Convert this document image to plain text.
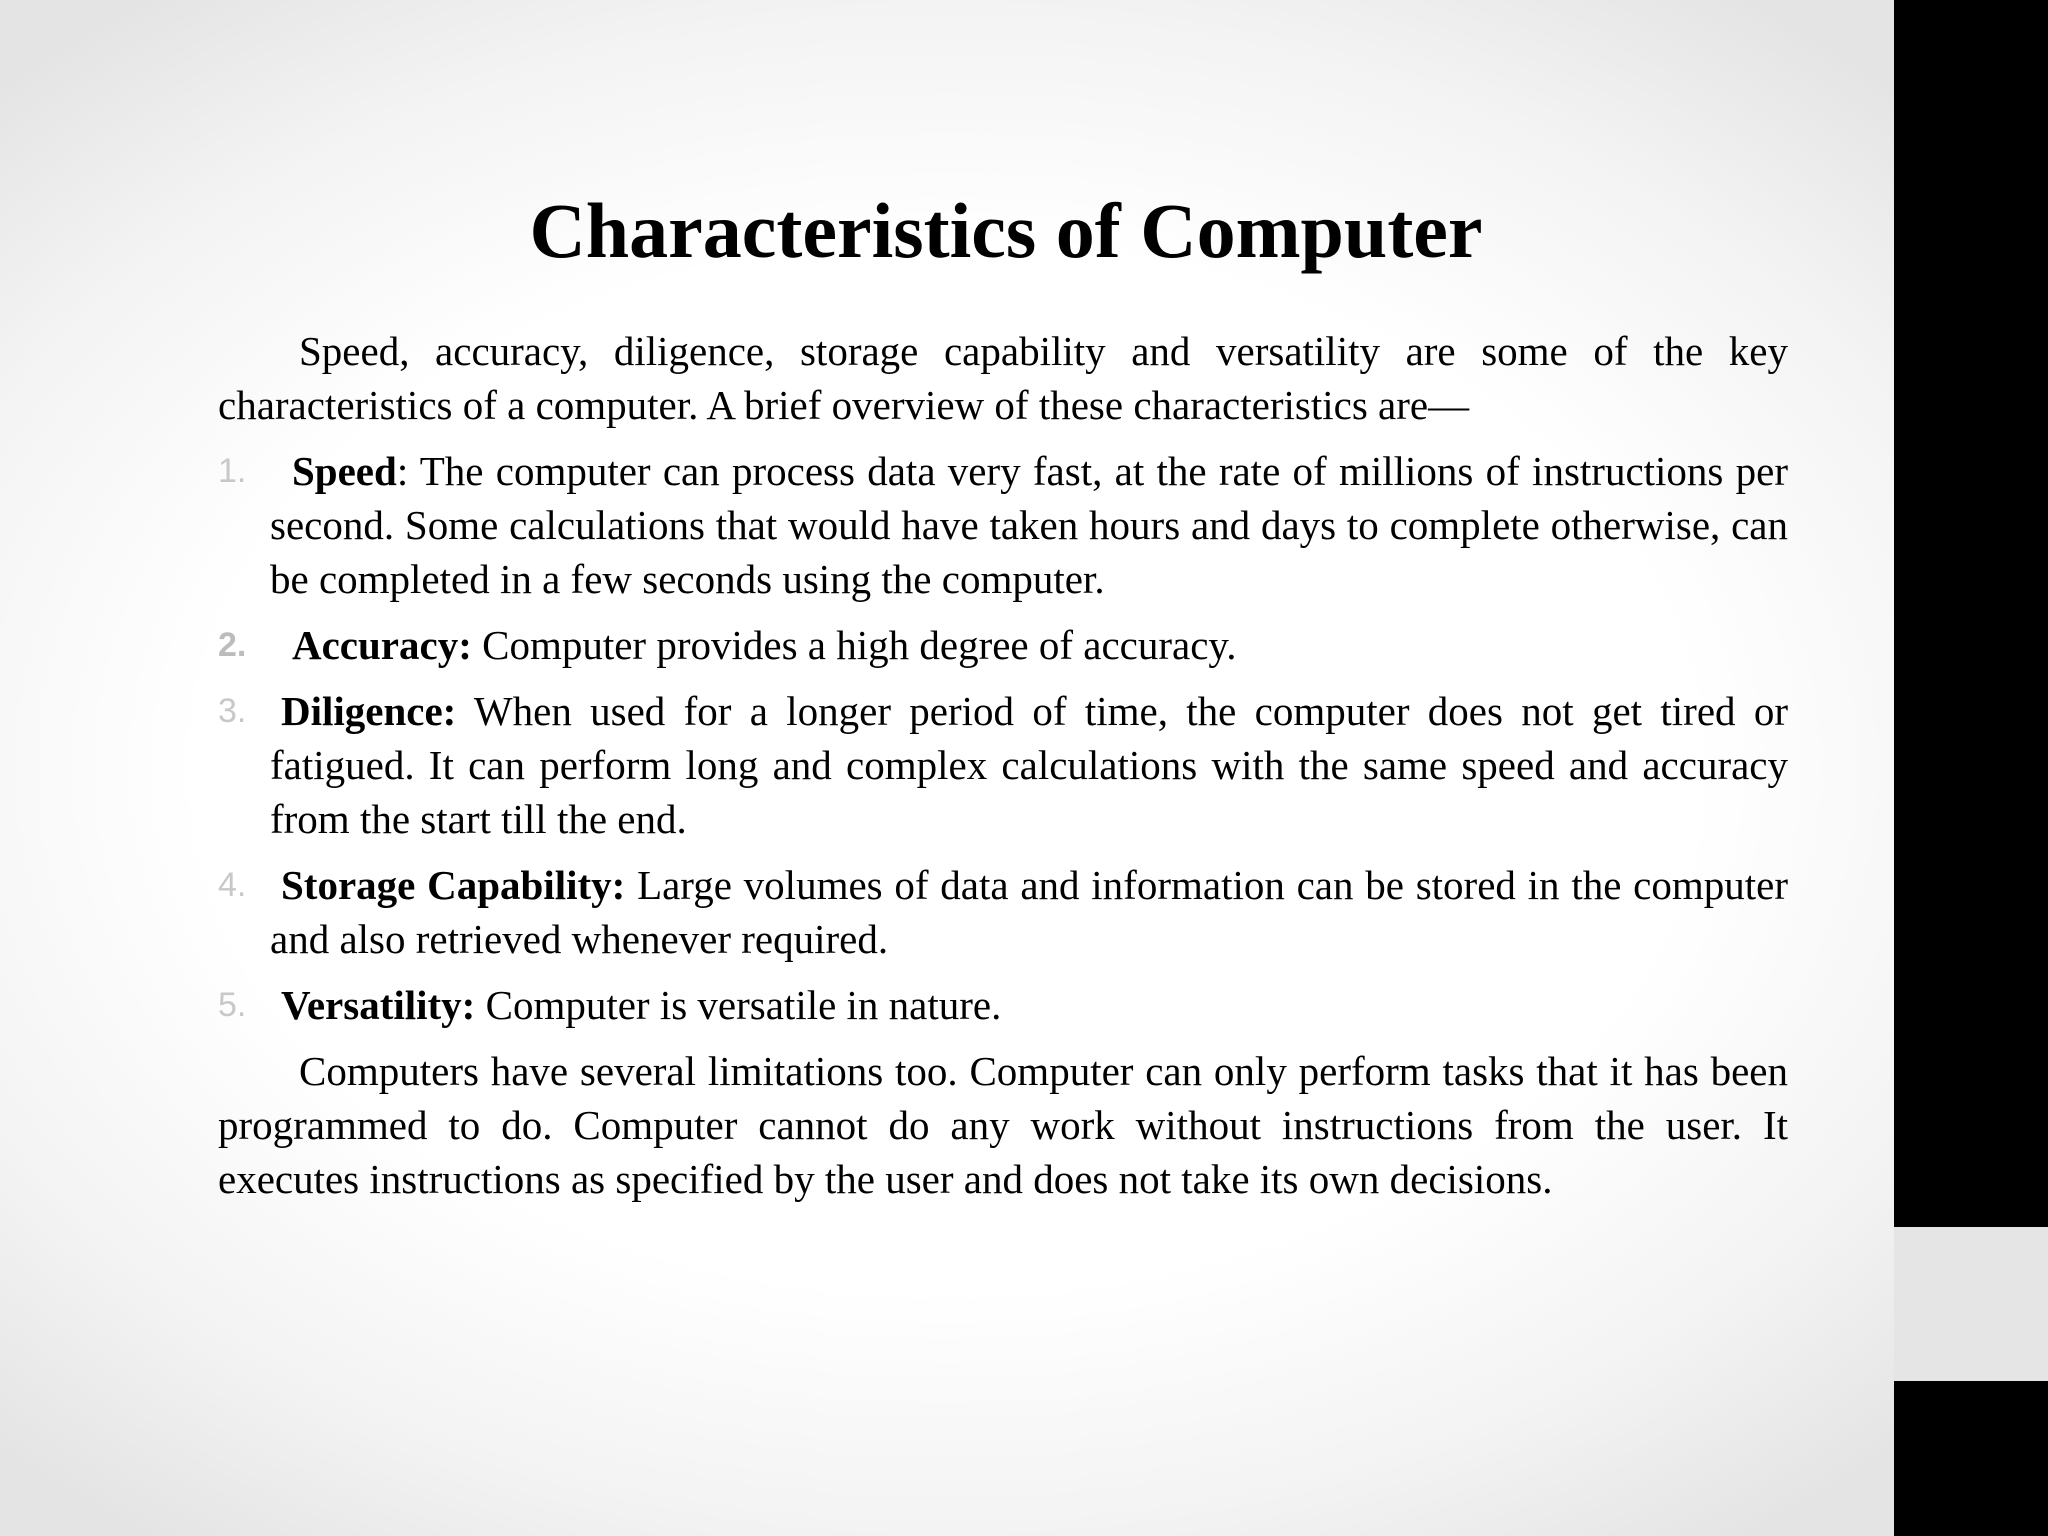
Characteristics of Computer

Speed, accuracy, diligence, storage capability and versatility are some of the key characteristics of a computer. A brief overview of these characteristics are—

1. Speed: The computer can process data very fast, at the rate of millions of instructions per second. Some calculations that would have taken hours and days to complete otherwise, can be completed in a few seconds using the computer.
2. Accuracy: Computer provides a high degree of accuracy.
3. Diligence: When used for a longer period of time, the computer does not get tired or fatigued. It can perform long and complex calculations with the same speed and accuracy from the start till the end.
4. Storage Capability: Large volumes of data and information can be stored in the computer and also retrieved whenever required.
5. Versatility: Computer is versatile in nature.

Computers have several limitations too. Computer can only perform tasks that it has been programmed to do. Computer cannot do any work without instructions from the user. It executes instructions as specified by the user and does not take its own decisions.
